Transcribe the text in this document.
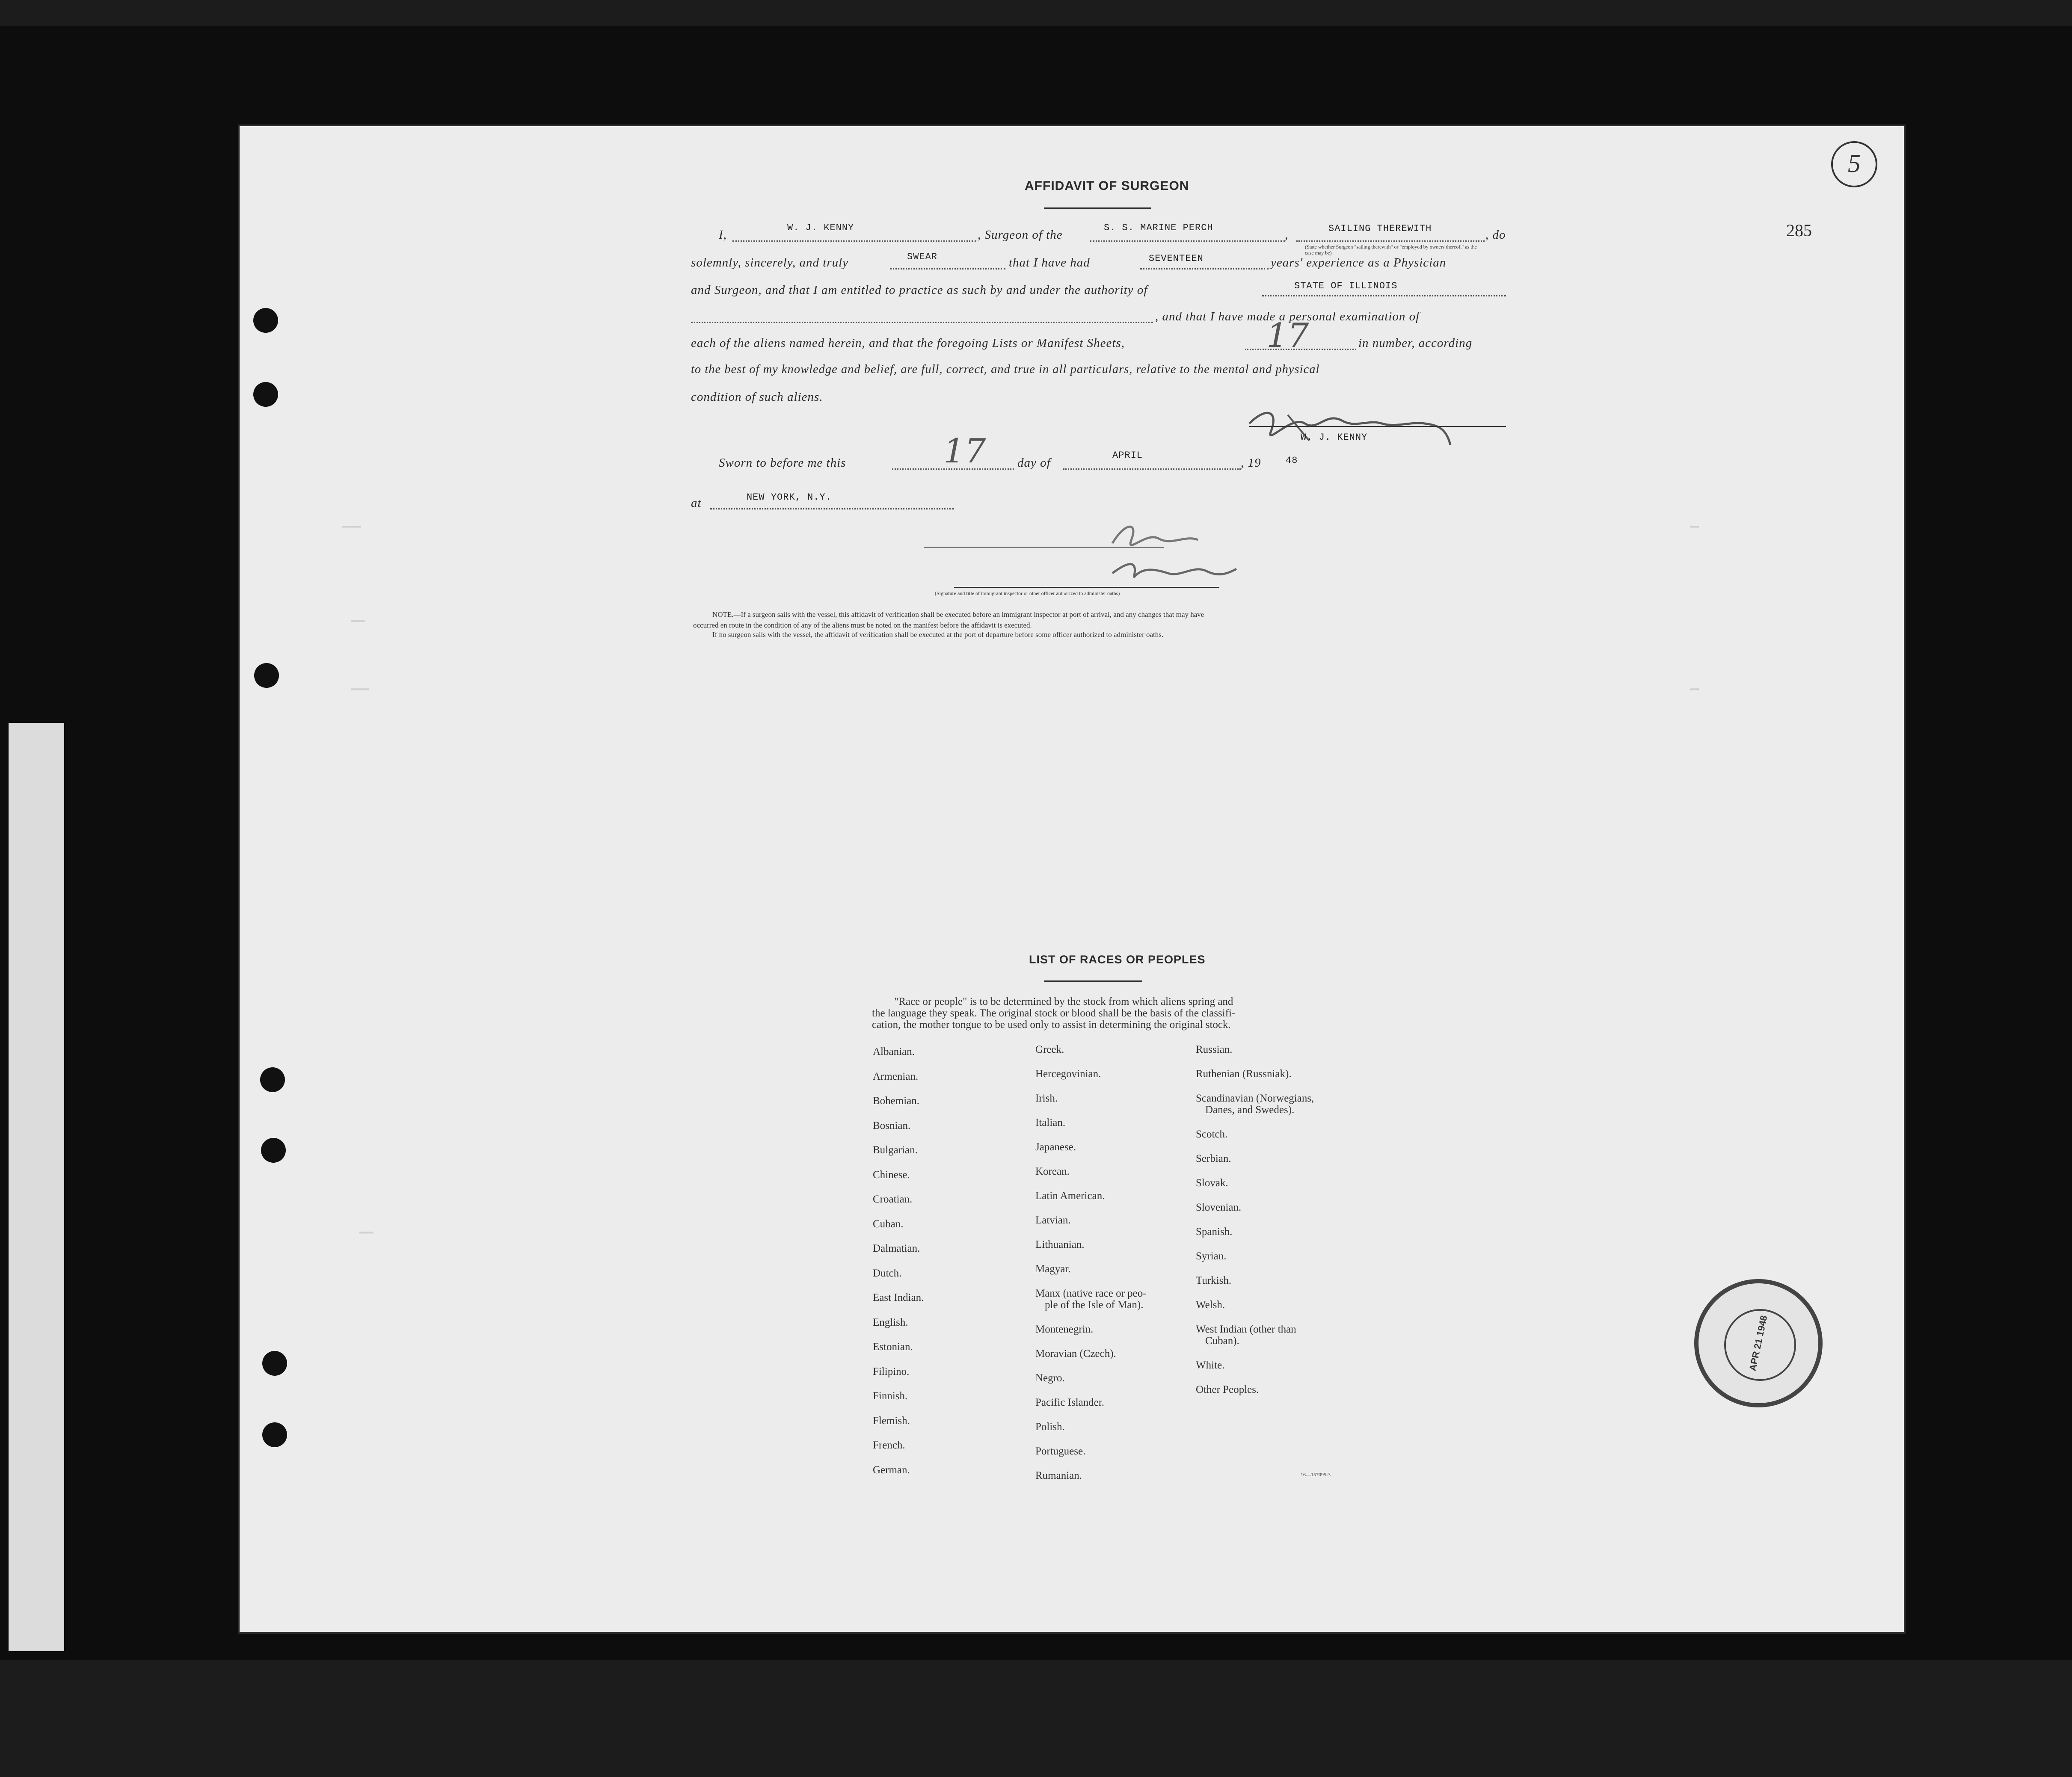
5
285
AFFIDAVIT OF SURGEON
I,
W. J. KENNY
, Surgeon of the
S. S. MARINE PERCH
,	SAILING THEREWITH
(State whether Surgeon "sailing therewith" or "employed by owners thereof," as the case may be)
, do
solemnly, sincerely, and truly	SWEAR	that I have had	SEVENTEEN	years' experience as a Physician
and Surgeon, and that I am entitled to practice as such by and under the authority of	STATE OF ILLINOIS
, and that I have made a personal examination of
each of the aliens named herein, and that the foregoing Lists or Manifest Sheets,	17	in number, according
to the best of my knowledge and belief, are full, correct, and true in all particulars, relative to the mental and physical
condition of such aliens.
W. J. KENNY
Sworn to before me this	17	day of
APRIL
, 19	48
at	NEW YORK, N.Y.
(Signature and title of immigrant inspector or other officer authorized to administer oaths)
NOTE.—If a surgeon sails with the vessel, this affidavit of verification shall be executed before an immigrant inspector at port of arrival, and any changes that may have
occurred en route in the condition of any of the aliens must be noted on the manifest before the affidavit is executed.
If no surgeon sails with the vessel, the affidavit of verification shall be executed at the port of departure before some officer authorized to administer oaths.
▬▬▬▬
▬▬▬
▬▬▬▬
▬▬
▬▬
▬▬▬
LIST OF RACES OR PEOPLES
"Race or people" is to be determined by the stock from which aliens spring and
the language they speak. The original stock or blood shall be the basis of the classifi-
cation, the mother tongue to be used only to assist in determining the original stock.
Albanian.
Armenian.
Bohemian.
Bosnian.
Bulgarian.
Chinese.
Croatian.
Cuban.
Dalmatian.
Dutch.
East Indian.
English.
Estonian.
Filipino.
Finnish.
Flemish.
French.
German.
Greek.
Hercegovinian.
Irish.
Italian.
Japanese.
Korean.
Latin American.
Latvian.
Lithuanian.
Magyar.
Manx (native race or peo-
ple of the Isle of Man).
Montenegrin.
Moravian (Czech).
Negro.
Pacific Islander.
Polish.
Portuguese.
Rumanian.
Russian.
Ruthenian (Russniak).
Scandinavian (Norwegians,
Danes, and Swedes).
Scotch.
Serbian.
Slovak.
Slovenian.
Spanish.
Syrian.
Turkish.
Welsh.
West Indian (other than
Cuban).
White.
Other Peoples.
16—157095-3
APR 21 1948
